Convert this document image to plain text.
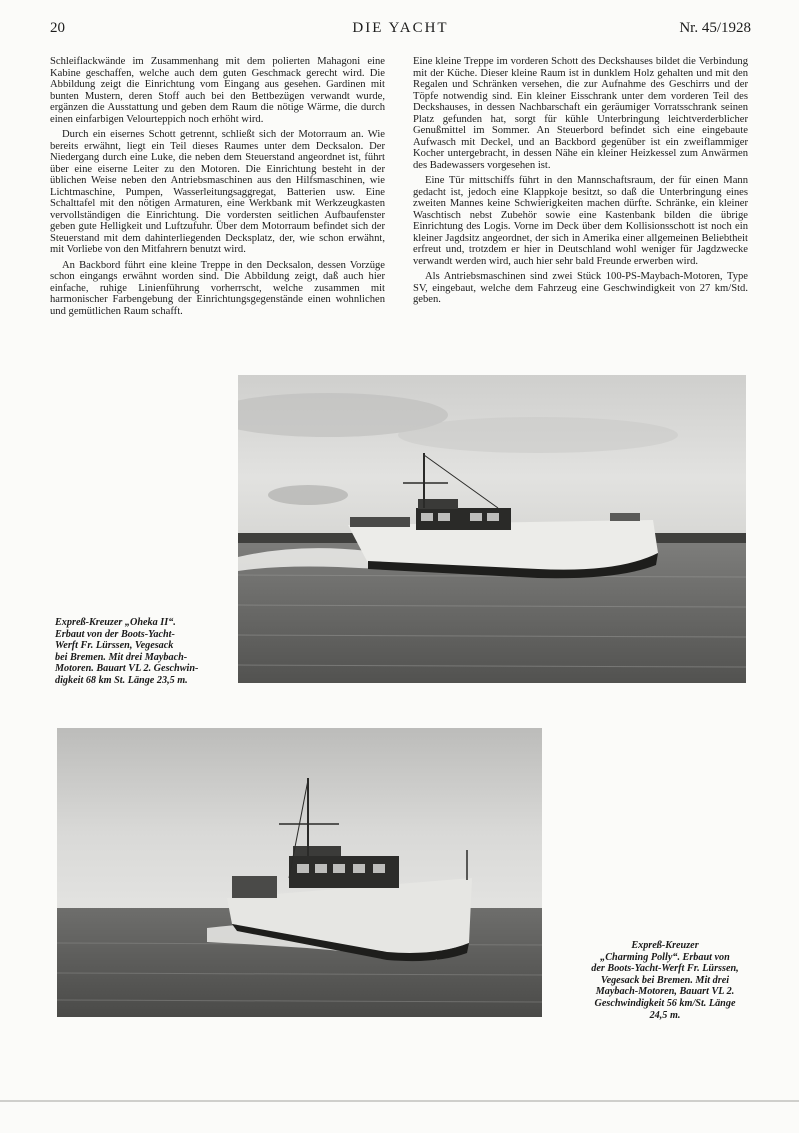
20	DIE YACHT	Nr. 45/1928

Schleiflackwände im Zusammenhang mit dem polierten Mahagoni eine Kabine geschaffen, welche auch dem guten Geschmack gerecht wird. Die Abbildung zeigt die Einrichtung vom Eingang aus gesehen. Gardinen mit bunten Mustern, deren Stoff auch bei den Bettbezügen verwandt wurde, ergänzen die Ausstattung und geben dem Raum die nötige Wärme, die durch einen einfarbigen Velourteppich noch erhöht wird.

Durch ein eisernes Schott getrennt, schließt sich der Motorraum an. Wie bereits erwähnt, liegt ein Teil dieses Raumes unter dem Decksalon. Der Niedergang durch eine Luke, die neben dem Steuerstand angeordnet ist, führt über eine eiserne Leiter zu den Motoren. Die Einrichtung besteht in der üblichen Weise neben den Antriebsmaschinen aus den Hilfsmaschinen, wie Lichtmaschine, Pumpen, Wasserleitungsaggregat, Batterien usw. Eine Schalttafel mit den nötigen Armaturen, eine Werkbank mit Werkzeugkasten vervollständigen die Einrichtung. Die vordersten seitlichen Aufbaufenster geben gute Helligkeit und Luftzufuhr. Über dem Motorraum befindet sich der Steuerstand mit dem dahinterliegenden Decksplatz, der, wie schon erwähnt, mit Vorliebe von den Mitfahrern benutzt wird.

An Backbord führt eine kleine Treppe in den Decksalon, dessen Vorzüge schon eingangs erwähnt worden sind. Die Abbildung zeigt, daß auch hier einfache, ruhige Linienführung vorherrscht, welche zusammen mit harmonischer Farbengebung der Einrichtungsgegenstände einen wohnlichen und gemütlichen Raum schafft.

Eine kleine Treppe im vorderen Schott des Deckshauses bildet die Verbindung mit der Küche. Dieser kleine Raum ist in dunklem Holz gehalten und mit den Regalen und Schränken versehen, die zur Aufnahme des Geschirrs und der Töpfe notwendig sind. Ein kleiner Eisschrank unter dem vorderen Teil des Deckshauses, in dessen Nachbarschaft ein geräumiger Vorratsschrank seinen Platz gefunden hat, sorgt für kühle Unterbringung leichtverderblicher Genußmittel im Sommer. An Steuerbord befindet sich eine eingebaute Aufwasch mit Deckel, und an Backbord gegenüber ist ein zweiflammiger Kocher untergebracht, in dessen Nähe ein kleiner Heizkessel zum Anwärmen des Badewassers vorgesehen ist.

Eine Tür mittschiffs führt in den Mannschaftsraum, der für einen Mann gedacht ist, jedoch eine Klappkoje besitzt, so daß die Unterbringung eines zweiten Mannes keine Schwierigkeiten machen dürfte. Schränke, ein kleiner Waschtisch nebst Zubehör sowie eine Kastenbank bilden die übrige Einrichtung des Logis. Vorne im Deck über dem Kollisionsschott ist noch ein kleiner Jagdsitz angeordnet, der sich in Amerika einer allgemeinen Beliebtheit erfreut und, trotzdem er hier in Deutschland wohl weniger für Jagdzwecke verwandt werden wird, auch hier sehr bald Freunde erwerben wird.

Als Antriebsmaschinen sind zwei Stück 100-PS-Maybach-Motoren, Type SV, eingebaut, welche dem Fahrzeug eine Geschwindigkeit von 27 km/Std. geben.

Expreß-Kreuzer „Oheka II“.
Erbaut von der Boots-Yacht-
Werft Fr. Lürssen, Vegesack
bei Bremen. Mit drei Maybach-
Motoren. Bauart VL 2. Geschwin-
digkeit 68 km St. Länge 23,5 m.
Expreß-Kreuzer
„Charming Polly“. Erbaut von
der Boots-Yacht-Werft Fr. Lürssen,
Vegesack bei Bremen. Mit drei
Maybach-Motoren, Bauart VL 2.
Geschwindigkeit 56 km/St. Länge
24,5 m.
